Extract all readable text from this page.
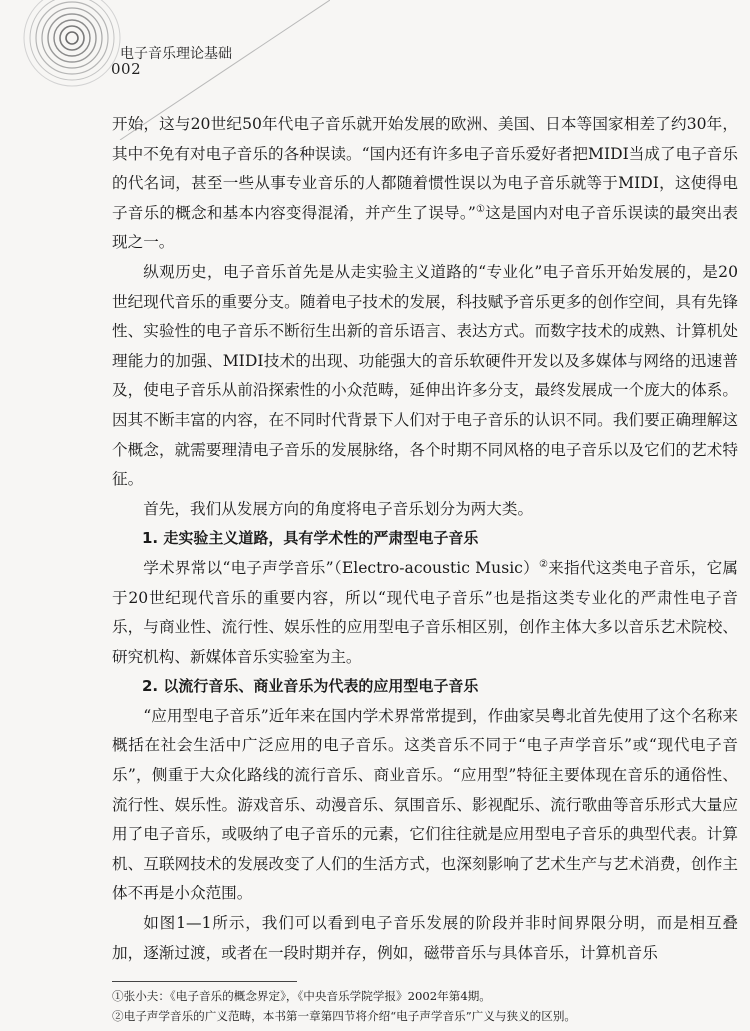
002
电子音乐理论基础

开始，这与20世纪50年代电子音乐就开始发展的欧洲、美国、日本等国家相差了约30年，其中不免有对电子音乐的各种误读。“国内还有许多电子音乐爱好者把MIDI当成了电子音乐的代名词，甚至一些从事专业音乐的人都随着惯性误以为电子音乐就等于MIDI，这使得电子音乐的概念和基本内容变得混淆，并产生了误导。”①这是国内对电子音乐误读的最突出表现之一。

纵观历史，电子音乐首先是从走实验主义道路的“专业化”电子音乐开始发展的，是20世纪现代音乐的重要分支。随着电子技术的发展，科技赋予音乐更多的创作空间，具有先锋性、实验性的电子音乐不断衍生出新的音乐语言、表达方式。而数字技术的成熟、计算机处理能力的加强、MIDI技术的出现、功能强大的音乐软硬件开发以及多媒体与网络的迅速普及，使电子音乐从前沿探索性的小众范畴，延伸出许多分支，最终发展成一个庞大的体系。因其不断丰富的内容，在不同时代背景下人们对于电子音乐的认识不同。我们要正确理解这个概念，就需要理清电子音乐的发展脉络，各个时期不同风格的电子音乐以及它们的艺术特征。

首先，我们从发展方向的角度将电子音乐划分为两大类。

1. 走实验主义道路，具有学术性的严肃型电子音乐

学术界常以“电子声学音乐”（Electro-acoustic Music）②来指代这类电子音乐，它属于20世纪现代音乐的重要内容，所以“现代电子音乐”也是指这类专业化的严肃性电子音乐，与商业性、流行性、娱乐性的应用型电子音乐相区别，创作主体大多以音乐艺术院校、研究机构、新媒体音乐实验室为主。

2. 以流行音乐、商业音乐为代表的应用型电子音乐

“应用型电子音乐”近年来在国内学术界常常提到，作曲家吴粤北首先使用了这个名称来概括在社会生活中广泛应用的电子音乐。这类音乐不同于“电子声学音乐”或“现代电子音乐”，侧重于大众化路线的流行音乐、商业音乐。“应用型”特征主要体现在音乐的通俗性、流行性、娱乐性。游戏音乐、动漫音乐、氛围音乐、影视配乐、流行歌曲等音乐形式大量应用了电子音乐，或吸纳了电子音乐的元素，它们往往就是应用型电子音乐的典型代表。计算机、互联网技术的发展改变了人们的生活方式，也深刻影响了艺术生产与艺术消费，创作主体不再是小众范围。

如图1—1所示，我们可以看到电子音乐发展的阶段并非时间界限分明，而是相互叠加，逐渐过渡，或者在一段时期并存，例如，磁带音乐与具体音乐，计算机音乐

①张小夫：《电子音乐的概念界定》，《中央音乐学院学报》2002年第4期。

②电子声学音乐的广义范畴，本书第一章第四节将介绍“电子声学音乐”广义与狭义的区别。
